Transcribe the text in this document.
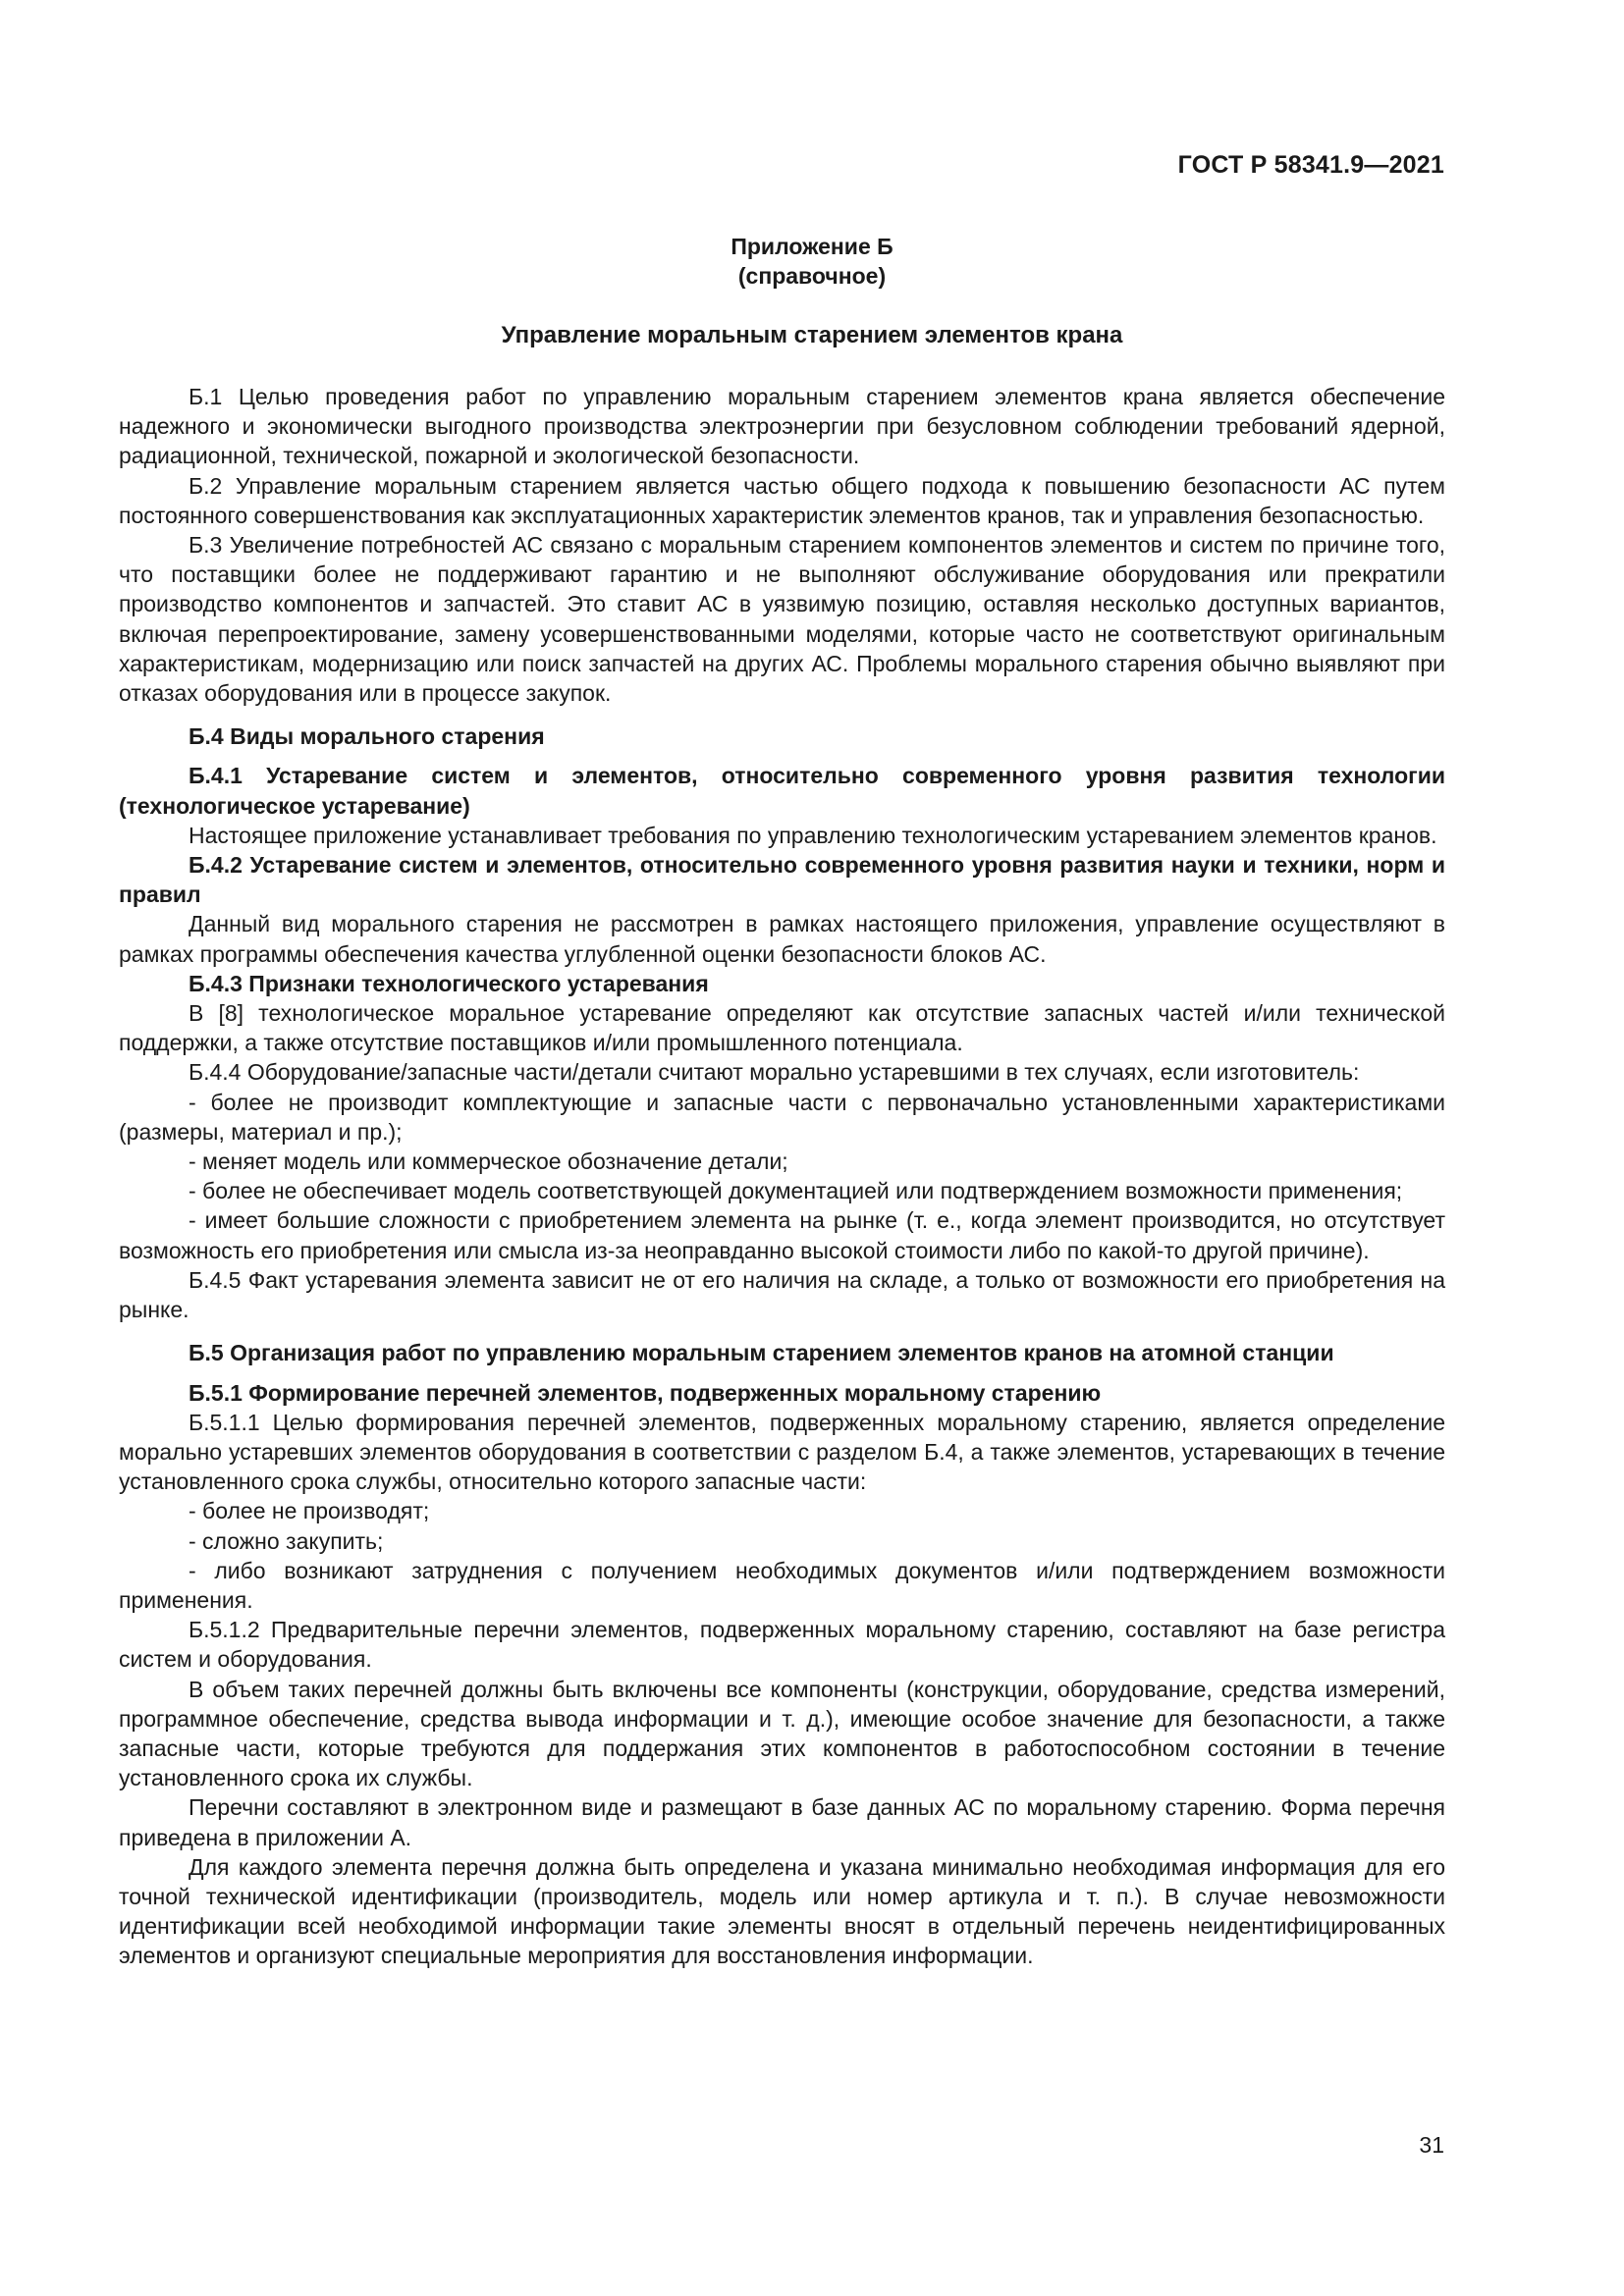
ГОСТ Р 58341.9—2021
Приложение Б
(справочное)
Управление моральным старением элементов крана

Б.1 Целью проведения работ по управлению моральным старением элементов крана является обеспечение надежного и экономически выгодного производства электроэнергии при безусловном соблюдении требований ядерной, радиационной, технической, пожарной и экологической безопасности.

Б.2 Управление моральным старением является частью общего подхода к повышению безопасности АС путем постоянного совершенствования как эксплуатационных характеристик элементов кранов, так и управления безопасностью.

Б.3 Увеличение потребностей АС связано с моральным старением компонентов элементов и систем по причине того, что поставщики более не поддерживают гарантию и не выполняют обслуживание оборудования или прекратили производство компонентов и запчастей. Это ставит АС в уязвимую позицию, оставляя несколько доступных вариантов, включая перепроектирование, замену усовершенствованными моделями, которые часто не соответствуют оригинальным характеристикам, модернизацию или поиск запчастей на других АС. Проблемы морального старения обычно выявляют при отказах оборудования или в процессе закупок.

Б.4 Виды морального старения

Б.4.1 Устаревание систем и элементов, относительно современного уровня развития технологии (технологическое устаревание)

Настоящее приложение устанавливает требования по управлению технологическим устареванием элементов кранов.

Б.4.2 Устаревание систем и элементов, относительно современного уровня развития науки и техники, норм и правил

Данный вид морального старения не рассмотрен в рамках настоящего приложения, управление осуществляют в рамках программы обеспечения качества углубленной оценки безопасности блоков АС.

Б.4.3 Признаки технологического устаревания

В [8] технологическое моральное устаревание определяют как отсутствие запасных частей и/или технической поддержки, а также отсутствие поставщиков и/или промышленного потенциала.

Б.4.4 Оборудование/запасные части/детали считают морально устаревшими в тех случаях, если изготовитель:

- более не производит комплектующие и запасные части с первоначально установленными характеристиками (размеры, материал и пр.);

- меняет модель или коммерческое обозначение детали;

- более не обеспечивает модель соответствующей документацией или подтверждением возможности применения;

- имеет большие сложности с приобретением элемента на рынке (т. е., когда элемент производится, но отсутствует возможность его приобретения или смысла из-за неоправданно высокой стоимости либо по какой-то другой причине).

Б.4.5 Факт устаревания элемента зависит не от его наличия на складе, а только от возможности его приобретения на рынке.

Б.5 Организация работ по управлению моральным старением элементов кранов на атомной станции

Б.5.1 Формирование перечней элементов, подверженных моральному старению

Б.5.1.1 Целью формирования перечней элементов, подверженных моральному старению, является определение морально устаревших элементов оборудования в соответствии с разделом Б.4, а также элементов, устаревающих в течение установленного срока службы, относительно которого запасные части:

- более не производят;

- сложно закупить;

- либо возникают затруднения с получением необходимых документов и/или подтверждением возможности применения.

Б.5.1.2 Предварительные перечни элементов, подверженных моральному старению, составляют на базе регистра систем и оборудования.

В объем таких перечней должны быть включены все компоненты (конструкции, оборудование, средства измерений, программное обеспечение, средства вывода информации и т. д.), имеющие особое значение для безопасности, а также запасные части, которые требуются для поддержания этих компонентов в работоспособном состоянии в течение установленного срока их службы.

Перечни составляют в электронном виде и размещают в базе данных АС по моральному старению. Форма перечня приведена в приложении А.

Для каждого элемента перечня должна быть определена и указана минимально необходимая информация для его точной технической идентификации (производитель, модель или номер артикула и т. п.). В случае невозможности идентификации всей необходимой информации такие элементы вносят в отдельный перечень неидентифицированных элементов и организуют специальные мероприятия для восстановления информации.

31
